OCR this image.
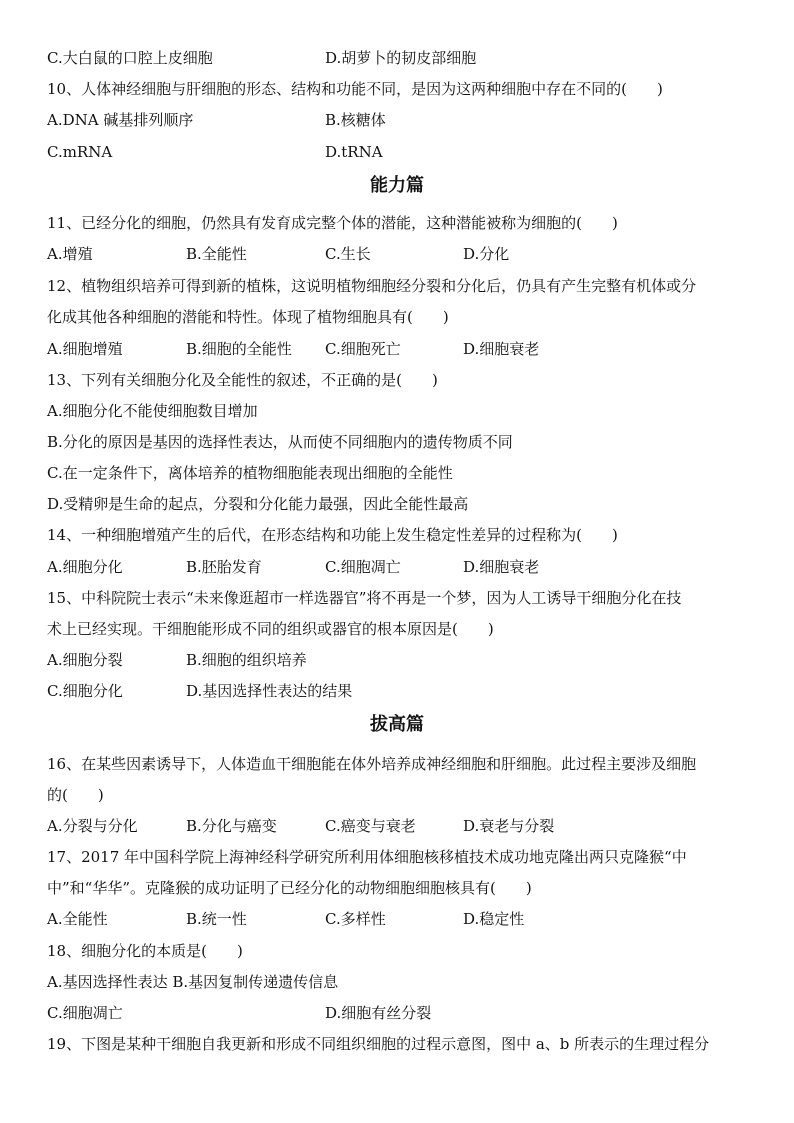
C.大白鼠的口腔上皮细胞	D.胡萝卜的韧皮部细胞
10、人体神经细胞与肝细胞的形态、结构和功能不同，是因为这两种细胞中存在不同的(　　)
A.DNA 碱基排列顺序	B.核糖体
C.mRNA	D.tRNA
能力篇
11、已经分化的细胞，仍然具有发育成完整个体的潜能，这种潜能被称为细胞的(　　)
A.增殖	B.全能性	C.生长	D.分化
12、植物组织培养可得到新的植株，这说明植物细胞经分裂和分化后，仍具有产生完整有机体或分
化成其他各种细胞的潜能和特性。体现了植物细胞具有(　　)
A.细胞增殖	B.细胞的全能性 C.细胞死亡	D.细胞衰老
13、下列有关细胞分化及全能性的叙述，不正确的是(　　)
A.细胞分化不能使细胞数目增加
B.分化的原因是基因的选择性表达，从而使不同细胞内的遗传物质不同
C.在一定条件下，离体培养的植物细胞能表现出细胞的全能性
D.受精卵是生命的起点，分裂和分化能力最强，因此全能性最高
14、一种细胞增殖产生的后代，在形态结构和功能上发生稳定性差异的过程称为(　　)
A.细胞分化	B.胚胎发育	C.细胞凋亡	D.细胞衰老
15、中科院院士表示“未来像逛超市一样选器官”将不再是一个梦，因为人工诱导干细胞分化在技
术上已经实现。干细胞能形成不同的组织或器官的根本原因是(　　)
A.细胞分裂	B.细胞的组织培养
C.细胞分化	D.基因选择性表达的结果
拔高篇
16、在某些因素诱导下，人体造血干细胞能在体外培养成神经细胞和肝细胞。此过程主要涉及细胞
的(　　)
A.分裂与分化	B.分化与癌变	C.癌变与衰老	D.衰老与分裂
17、2017 年中国科学院上海神经科学研究所利用体细胞核移植技术成功地克隆出两只克隆猴“中
中”和“华华”。克隆猴的成功证明了已经分化的动物细胞细胞核具有(　　)
A.全能性	B.统一性	C.多样性	D.稳定性
18、细胞分化的本质是(　　)
A.基因选择性表达 B.基因复制传递遗传信息
C.细胞凋亡	D.细胞有丝分裂
19、下图是某种干细胞自我更新和形成不同组织细胞的过程示意图，图中 a、b 所表示的生理过程分
